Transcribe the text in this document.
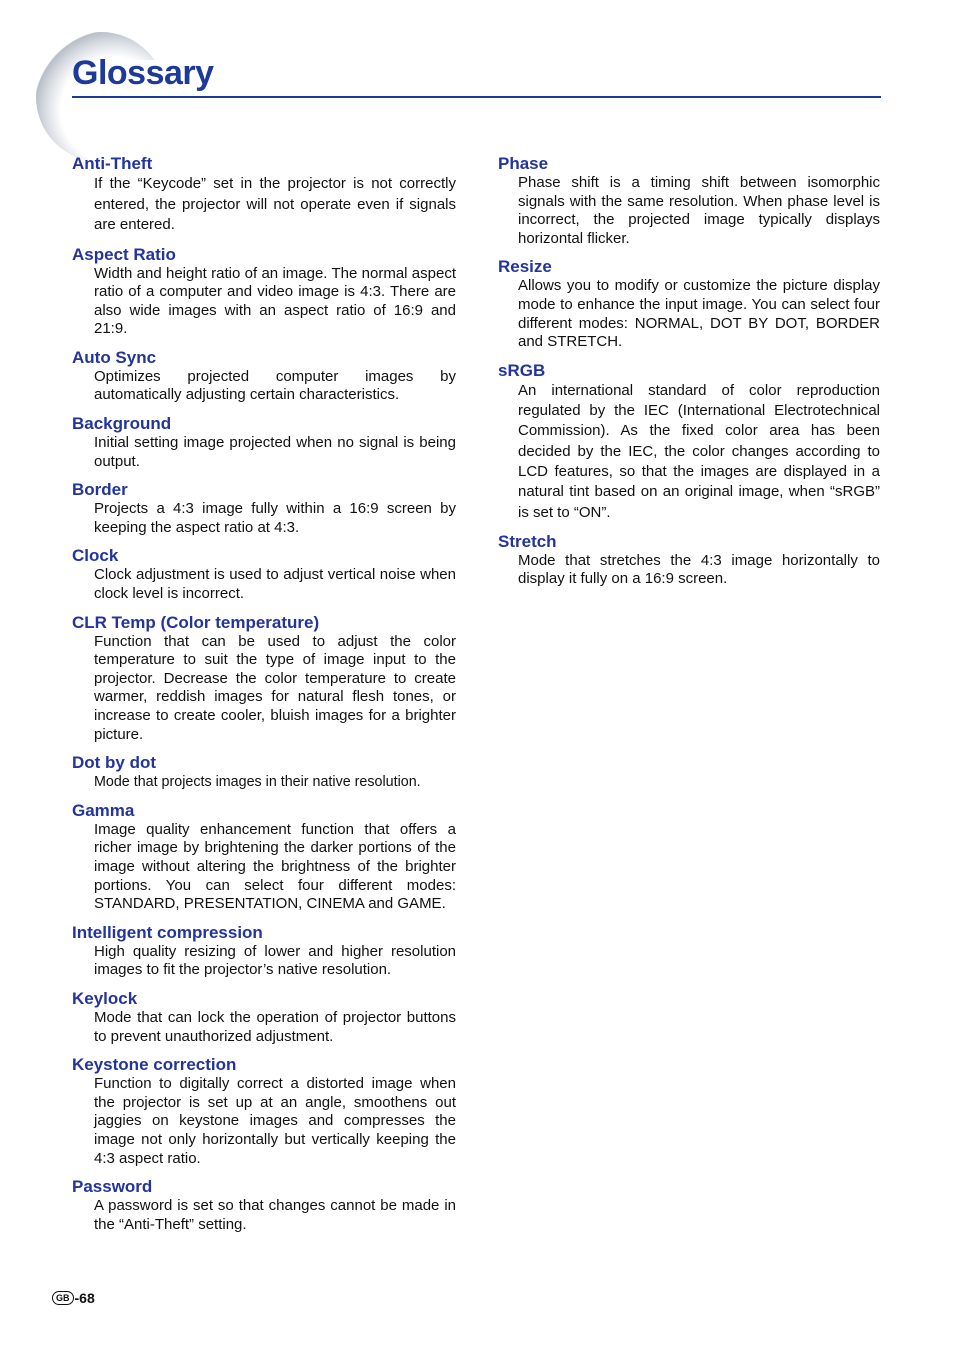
Glossary

Anti-Theft

If the “Keycode” set in the projector is not correctly entered, the projector will not operate even if signals are entered.

Aspect Ratio

Width and height ratio of an image. The normal aspect ratio of a computer and video image is 4:3. There are also wide images with an aspect ratio of 16:9 and 21:9.

Auto Sync

Optimizes projected computer images by automatically adjusting certain characteristics.

Background

Initial setting image projected when no signal is being output.

Border

Projects a 4:3 image fully within a 16:9 screen by keeping the aspect ratio at 4:3.

Clock

Clock adjustment is used to adjust vertical noise when clock level is incorrect.

CLR Temp (Color temperature)

Function that can be used to adjust the color temperature to suit the type of image input to the projector. Decrease the color temperature to create warmer, reddish images for natural flesh tones, or increase to create cooler, bluish images for a brighter picture.

Dot by dot

Mode that projects images in their native resolution.

Gamma

Image quality enhancement function that offers a richer image by brightening the darker portions of the image without altering the brightness of the brighter portions. You can select four different modes: STANDARD, PRESENTATION, CINEMA and GAME.

Intelligent compression

High quality resizing of lower and higher resolution images to fit the projector’s native resolution.

Keylock

Mode that can lock the operation of projector buttons to prevent unauthorized adjustment.

Keystone correction

Function to digitally correct a distorted image when the projector is set up at an angle, smoothens out jaggies on keystone images and compresses the image not only horizontally but vertically keeping the 4:3 aspect ratio.

Password

A password is set so that changes cannot be made in the “Anti-Theft” setting.

Phase

Phase shift is a timing shift between isomorphic signals with the same resolution. When phase level is incorrect, the projected image typically displays horizontal flicker.

Resize

Allows you to modify or customize the picture display mode to enhance the input image. You can select four different modes: NORMAL, DOT BY DOT, BORDER and STRETCH.

sRGB

An international standard of color reproduction regulated by the IEC (International Electrotechnical Commission). As the fixed color area has been decided by the IEC, the color changes according to LCD features, so that the images are displayed in a natural tint based on an original image, when “sRGB” is set to “ON”.

Stretch

Mode that stretches the 4:3 image horizontally to display it fully on a 16:9 screen.

GB -68
